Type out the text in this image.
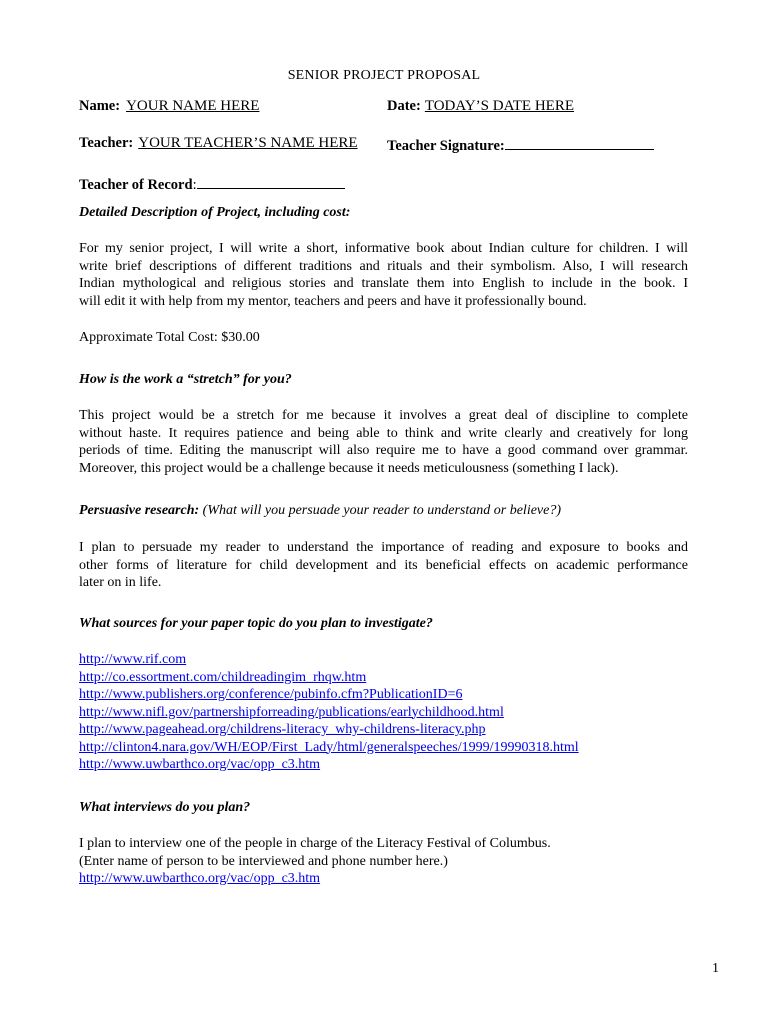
SENIOR PROJECT PROPOSAL
Name: YOUR NAME HERE	Date: TODAY’S DATE HERE
Teacher: YOUR TEACHER’S NAME HERE Teacher Signature:
Teacher of Record:
Detailed Description of Project, including cost:
For my senior project, I will write a short, informative book about Indian culture for children. I will
write brief descriptions of different traditions and rituals and their symbolism. Also, I will research
Indian mythological and religious stories and translate them into English to include in the book. I
will edit it with help from my mentor, teachers and peers and have it professionally bound.
Approximate Total Cost: $30.00
How is the work a “stretch” for you?
This project would be a stretch for me because it involves a great deal of discipline to complete
without haste. It requires patience and being able to think and write clearly and creatively for long
periods of time. Editing the manuscript will also require me to have a good command over grammar.
Moreover, this project would be a challenge because it needs meticulousness (something I lack).
Persuasive research: (What will you persuade your reader to understand or believe?)
I plan to persuade my reader to understand the importance of reading and exposure to books and
other forms of literature for child development and its beneficial effects on academic performance
later on in life.
What sources for your paper topic do you plan to investigate?
http://www.rif.com
http://co.essortment.com/childreadingim_rhqw.htm
http://www.publishers.org/conference/pubinfo.cfm?PublicationID=6
http://www.nifl.gov/partnershipforreading/publications/earlychildhood.html
http://www.pageahead.org/childrens-literacy_why-childrens-literacy.php
http://clinton4.nara.gov/WH/EOP/First_Lady/html/generalspeeches/1999/19990318.html
http://www.uwbarthco.org/vac/opp_c3.htm
What interviews do you plan?
I plan to interview one of the people in charge of the Literacy Festival of Columbus.
(Enter name of person to be interviewed and phone number here.)
http://www.uwbarthco.org/vac/opp_c3.htm
1
